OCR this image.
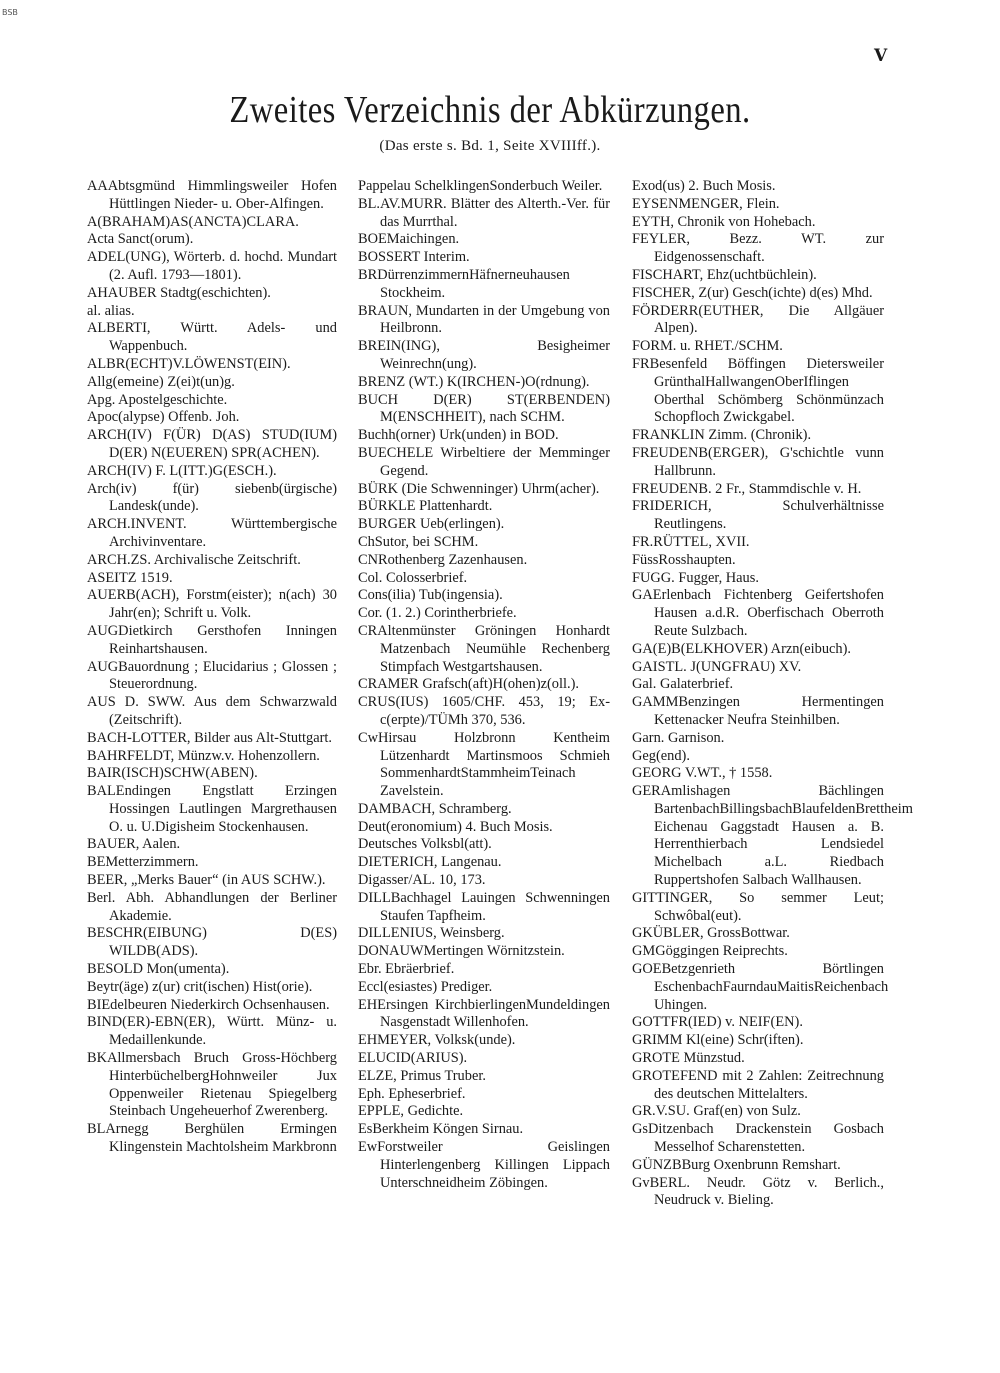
BSB
V
Zweites Verzeichnis der Abkürzungen.
(Das erste s. Bd. 1, Seite XVIIIff.).

AAAbtsgmünd Himmlingsweiler Hofen Hüttlingen Nieder- u. Ober-Alfingen.

A(BRAHAM)AS(ANCTA)CLARA.

Acta Sanct(orum).

ADEL(UNG), Wörterb. d. hochd. Mundart (2. Aufl. 1793—1801).

AHAUBER Stadtg(eschichten).

al. alias.

ALBERTI, Württ. Adels- und Wappenbuch.

ALBR(ECHT)V.LÖWENST(EIN).

Allg(emeine) Z(ei)t(un)g.

Apg. Apostelgeschichte.

Apoc(alypse) Offenb. Joh.

ARCH(IV) F(ÜR) D(AS) STUD(IUM) D(ER) N(EUEREN) SPR(ACHEN).

ARCH(IV) F. L(ITT.)G(ESCH.).

Arch(iv) f(ür) siebenb(ürgische) Landesk(unde).

ARCH.INVENT. Württembergische Archivinventare.

ARCH.ZS. Archivalische Zeitschrift.

ASEITZ 1519.

AUERB(ACH), Forstm(eister); n(ach) 30 Jahr(en); Schrift u. Volk.

AUGDietkirch Gersthofen Inningen Reinhartshausen.

AUGBauordnung ; Elucidarius ; Glossen ; Steuerordnung.

AUS D. SWW. Aus dem Schwarzwald (Zeitschrift).

BACH-LOTTER, Bilder aus Alt-Stuttgart.

BAHRFELDT, Münzw.v. Hohenzollern.

BAIR(ISCH)SCHW(ABEN).

BALEndingen Engstlatt Erzingen Hossingen Lautlingen Margrethausen O. u. U.Digisheim Stockenhausen.

BAUER, Aalen.

BEMetterzimmern.

BEER, „Merks Bauer“ (in AUS SCHW.).

Berl. Abh. Abhandlungen der Berliner Akademie.

BESCHR(EIBUNG) D(ES) WILDB(ADS).

BESOLD Mon(umenta).

Beytr(äge) z(ur) crit(ischen) Hist(orie).

BIEdelbeuren Niederkirch Ochsenhausen.

BIND(ER)-EBN(ER), Württ. Münz- u. Medaillenkunde.

BKAllmersbach Bruch Gross-Höchberg HinterbüchelbergHohnweiler Jux Oppenweiler Rietenau Spiegelberg Steinbach Ungeheuerhof Zwerenberg.

BLArnegg Berghülen Ermingen Klingenstein Machtolsheim Markbronn

Pappelau SchelklingenSonderbuch Weiler.

BL.AV.MURR. Blätter des Alterth.-Ver. für das Murrthal.

BOEMaichingen.

BOSSERT Interim.

BRDürrenzimmernHäfnerneuhausen Stockheim.

BRAUN, Mundarten in der Umgebung von Heilbronn.

BREIN(ING), Besigheimer Weinrechn(ung).

BRENZ (WT.) K(IRCHEN-)O(rdnung).

BUCH D(ER) ST(ERBENDEN) M(ENSCHHEIT), nach SCHM.

Buchh(orner) Urk(unden) in BOD.

BUECHELE Wirbeltiere der Memminger Gegend.

BÜRK (Die Schwenninger) Uhrm(acher).

BÜRKLE Plattenhardt.

BURGER Ueb(erlingen).

ChSutor, bei SCHM.

CNRothenberg Zazenhausen.

Col. Colosserbrief.

Cons(ilia) Tub(ingensia).

Cor. (1. 2.) Corintherbriefe.

CRAltenmünster Gröningen Honhardt Matzenbach Neumühle Rechenberg Stimpfach Westgartshausen.

CRAMER Grafsch(aft)H(ohen)z(oll.).

CRUS(IUS) 1605/CHF. 453, 19; Ex-c(erpte)/TÜMh 370, 536.

CwHirsau Holzbronn Kentheim Lützenhardt Martinsmoos Schmieh SommenhardtStammheimTeinach Zavelstein.

DAMBACH, Schramberg.

Deut(eronomium) 4. Buch Mosis.

Deutsches Volksbl(att).

DIETERICH, Langenau.

Digasser/AL. 10, 173.

DILLBachhagel Lauingen Schwenningen Staufen Tapfheim.

DILLENIUS, Weinsberg.

DONAUWMertingen Wörnitzstein.

Ebr. Ebräerbrief.

Eccl(esiastes) Prediger.

EHErsingen KirchbierlingenMundeldingen Nasgenstadt Willenhofen.

EHMEYER, Volksk(unde).

ELUCID(ARIUS).

ELZE, Primus Truber.

Eph. Epheserbrief.

EPPLE, Gedichte.

EsBerkheim Köngen Sirnau.

EwForstweiler Geislingen Hinterlengenberg Killingen Lippach Unterschneidheim Zöbingen.

Exod(us) 2. Buch Mosis.

EYSENMENGER, Flein.

EYTH, Chronik von Hohebach.

FEYLER, Bezz. WT. zur Eidgenossenschaft.

FISCHART, Ehz(uchtbüchlein).

FISCHER, Z(ur) Gesch(ichte) d(es) Mhd.

FÖRDERR(EUTHER, Die Allgäuer Alpen).

FORM. u. RHET./SCHM.

FRBesenfeld Böffingen Dietersweiler GrünthalHallwangenOberIflingen Oberthal Schömberg Schönmünzach Schopfloch Zwickgabel.

FRANKLIN Zimm. (Chronik).

FREUDENB(ERGER), G'schichtle vunn Hallbrunn.

FREUDENB. 2 Fr., Stammdischle v. H.

FRIDERICH, Schulverhältnisse Reutlingens.

FR.RÜTTEL, XVII.

FüssRosshaupten.

FUGG. Fugger, Haus.

GAErlenbach Fichtenberg Geifertshofen Hausen a.d.R. Oberfischach Oberroth Reute Sulzbach.

GA(E)B(ELKHOVER) Arzn(eibuch).

GAISTL. J(UNGFRAU) XV.

Gal. Galaterbrief.

GAMMBenzingen Hermentingen Kettenacker Neufra Steinhilben.

Garn. Garnison.

Geg(end).

GEORG V.WT., † 1558.

GERAmlishagen Bächlingen BartenbachBillingsbachBlaufeldenBrettheim Eichenau Gaggstadt Hausen a. B. Herrenthierbach Lendsiedel Michelbach a.L. Riedbach Ruppertshofen Salbach Wallhausen.

GITTINGER, So semmer Leut; Schwôbal(eut).

GKÜBLER, GrossBottwar.

GMGöggingen Reiprechts.

GOEBetzgenrieth Börtlingen EschenbachFaurndauMaitisReichenbach Uhingen.

GOTTFR(IED) v. NEIF(EN).

GRIMM Kl(eine) Schr(iften).

GROTE Münzstud.

GROTEFEND mit 2 Zahlen: Zeitrechnung des deutschen Mittelalters.

GR.V.SU. Graf(en) von Sulz.

GsDitzenbach Drackenstein Gosbach Messelhof Scharenstetten.

GÜNZBBurg Oxenbrunn Remshart.

GvBERL. Neudr. Götz v. Berlich., Neudruck v. Bieling.
